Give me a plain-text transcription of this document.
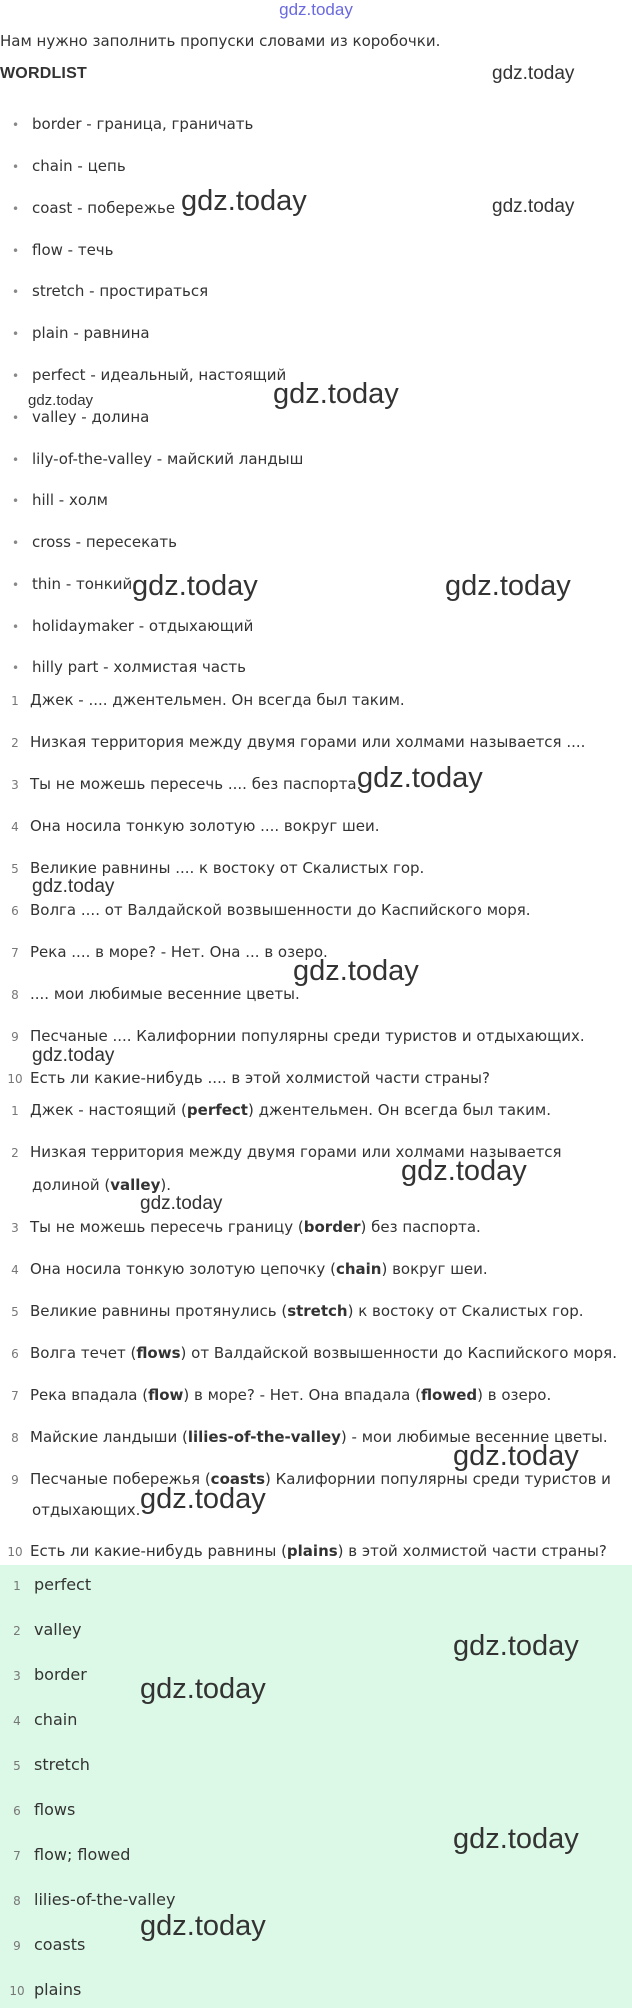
gdz.today
Нам нужно заполнить пропуски словами из коробочки.
WORDLIST
• border - граница, граничать
• chain - цепь
• coast - побережье
• flow - течь
• stretch - простираться
• plain - равнина
• perfect - идеальный, настоящий
• valley - долина
• lily-of-the-valley - майский ландыш
• hill - холм
• cross - пересекать
• thin - тонкий
• holidaymaker - отдыхающий
• hilly part - холмистая часть
1 Джек - .... джентельмен. Он всегда был таким.
2 Низкая территория между двумя горами или холмами называется ....
3 Ты не можешь пересечь .... без паспорта.
4 Она носила тонкую золотую .... вокруг шеи.
5 Великие равнины .... к востоку от Скалистых гор.
6 Волга .... от Валдайской возвышенности до Каспийского моря.
7 Река .... в море? - Нет. Она ... в озеро.
8 .... мои любимые весенние цветы.
9 Песчаные .... Калифорнии популярны среди туристов и отдыхающих.
10 Есть ли какие-нибудь .... в этой холмистой части страны?
1 Джек - настоящий (perfect) джентельмен. Он всегда был таким.
2 Низкая территория между двумя горами или холмами называется
долиной (valley).
3 Ты не можешь пересечь границу (border) без паспорта.
4 Она носила тонкую золотую цепочку (chain) вокруг шеи.
5 Великие равнины протянулись (stretch) к востоку от Скалистых гор.
6 Волга течет (flows) от Валдайской возвышенности до Каспийского моря.
7 Река впадала (flow) в море? - Нет. Она впадала (flowed) в озеро.
8 Майские ландыши (lilies-of-the-valley) - мои любимые весенние цветы.
9 Песчаные побережья (coasts) Калифорнии популярны среди туристов и
отдыхающих.
10 Есть ли какие-нибудь равнины (plains) в этой холмистой части страны?
1 perfect
2 valley
3 border
4 chain
5 stretch
6 flows
7 flow; flowed
8 lilies-of-the-valley
9 coasts
10 plains
gdz.today
gdz.today	gdz.today
gdz.today
gdz.today
gdz.today	gdz.today
gdz.today
gdz.today
gdz.today
gdz.today
gdz.today
gdz.today
gdz.today
gdz.today
gdz.today
gdz.today
gdz.today
gdz.today
